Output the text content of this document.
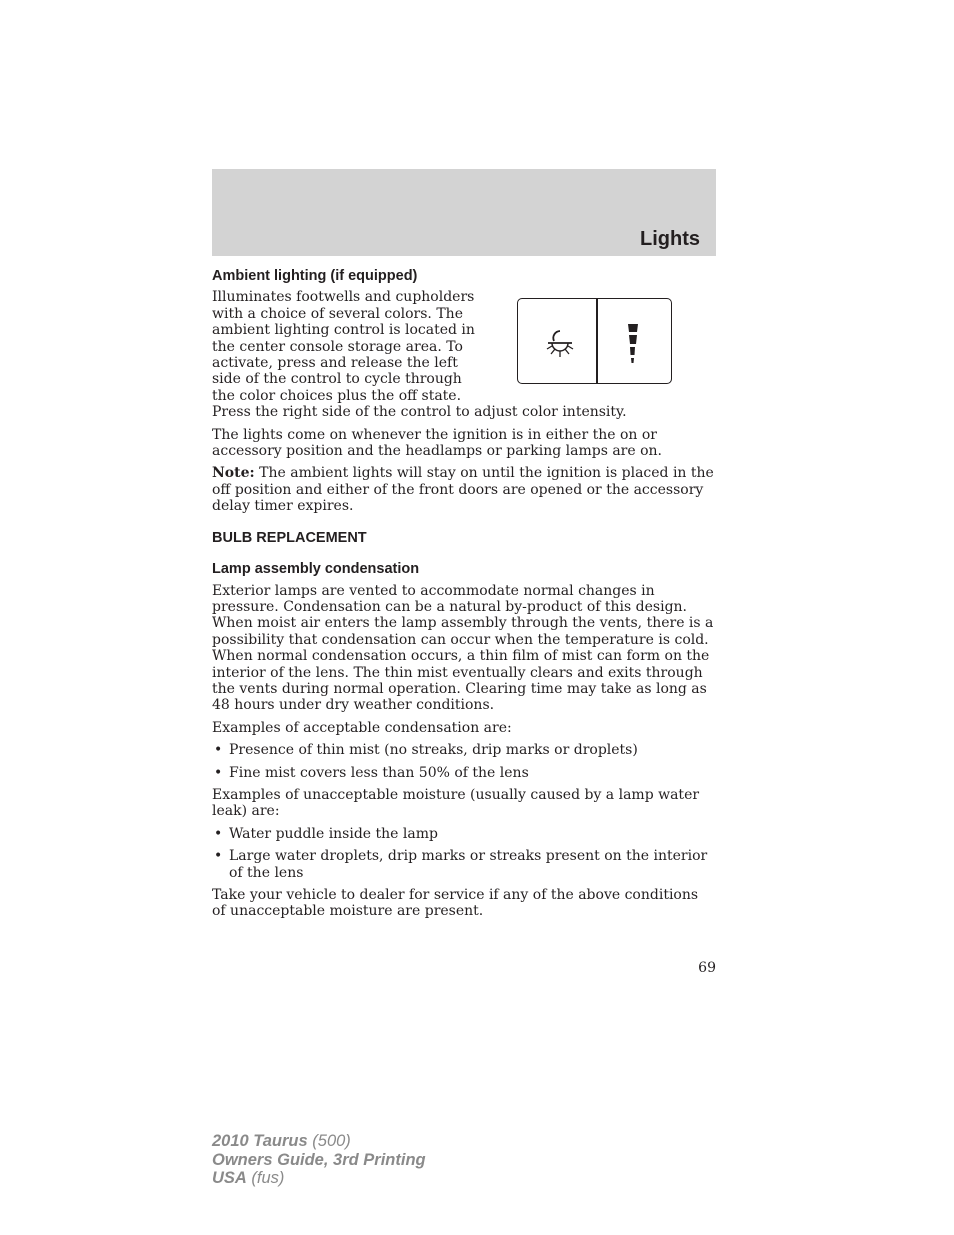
Lights
Ambient lighting (if equipped)

Illuminates footwells and cupholders with a choice of several colors. The ambient lighting control is located in the center console storage area. To activate, press and release the left side of the control to cycle through the color choices plus the off state.

Press the right side of the control to adjust color intensity.

The lights come on whenever the ignition is in either the on or accessory position and the headlamps or parking lamps are on.

Note: The ambient lights will stay on until the ignition is placed in the off position and either of the front doors are opened or the accessory delay timer expires.

BULB REPLACEMENT
Lamp assembly condensation

Exterior lamps are vented to accommodate normal changes in pressure. Condensation can be a natural by-product of this design. When moist air enters the lamp assembly through the vents, there is a possibility that condensation can occur when the temperature is cold. When normal condensation occurs, a thin film of mist can form on the interior of the lens. The thin mist eventually clears and exits through the vents during normal operation. Clearing time may take as long as 48 hours under dry weather conditions.

Examples of acceptable condensation are:

• Presence of thin mist (no streaks, drip marks or droplets)
• Fine mist covers less than 50% of the lens

Examples of unacceptable moisture (usually caused by a lamp water leak) are:

• Water puddle inside the lamp
• Large water droplets, drip marks or streaks present on the interior of the lens

Take your vehicle to dealer for service if any of the above conditions of unacceptable moisture are present.

69
2010 Taurus (500)
Owners Guide, 3rd Printing
USA (fus)
